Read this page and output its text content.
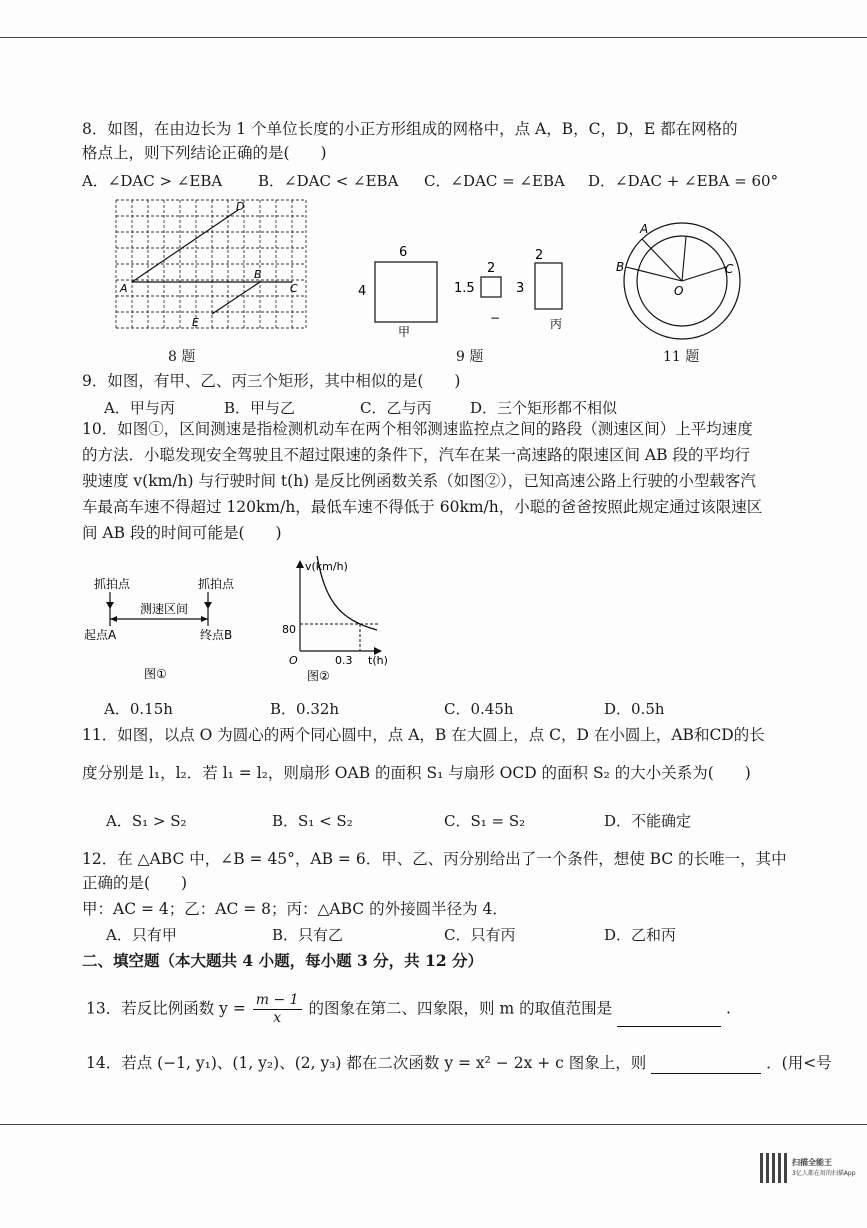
8．如图，在由边长为 1 个单位长度的小正方形组成的网格中，点 A，B，C，D，E 都在网格的
格点上，则下列结论正确的是(　　)
A．∠DAC > ∠EBA B．∠DAC < ∠EBA C．∠DAC = ∠EBA D．∠DAC + ∠EBA = 60°
D
A
B
C
E
8 题
6
4
甲
2
1.5
−
2
3
丙
9 题
A
B	C
O
11 题
9．如图，有甲、乙、丙三个矩形，其中相似的是(　　)
A．甲与丙	B．甲与乙	C．乙与丙	D．三个矩形都不相似
10．如图①，区间测速是指检测机动车在两个相邻测速监控点之间的路段（测速区间）上平均速度
的方法．小聪发现安全驾驶且不超过限速的条件下，汽车在某一高速路的限速区间 AB 段的平均行
驶速度 v(km/h) 与行驶时间 t(h) 是反比例函数关系（如图②），已知高速公路上行驶的小型载客汽
车最高车速不得超过 120km/h，最低车速不得低于 60km/h，小聪的爸爸按照此规定通过该限速区
间 AB 段的时间可能是(　　)
抓拍点	抓拍点
测速区间
起点A	终点B
图①
v(km/h)
t(h)
80
0.3
O
图②
A．0.15h	B．0.32h	C．0.45h	D．0.5h
11．如图，以点 O 为圆心的两个同心圆中，点 A，B 在大圆上，点 C，D 在小圆上，AB和CD的长
度分别是 l₁，l₂．若 l₁ = l₂，则扇形 OAB 的面积 S₁ 与扇形 OCD 的面积 S₂ 的大小关系为(　　)
A．S₁ > S₂	B．S₁ < S₂	C．S₁ = S₂	D．不能确定
12．在 △ABC 中，∠B = 45°，AB = 6．甲、乙、丙分别给出了一个条件，想使 BC 的长唯一，其中
正确的是(　　)
甲：AC = 4；乙：AC = 8；丙：△ABC 的外接圆半径为 4．
A．只有甲	B．只有乙	C．只有丙	D．乙和丙
二、填空题（本大题共 4 小题，每小题 3 分，共 12 分）
13．若反比例函数 $y = \frac{m - 1}{x}$ 的图象在第二、四象限，则 m 的取值范围是	.
14．若点 (−1, y₁)、(1, y₂)、(2, y₃) 都在二次函数 y = x² − 2x + c 图象上，则	．(用<号
扫描全能王
3亿人都在用的扫描App
